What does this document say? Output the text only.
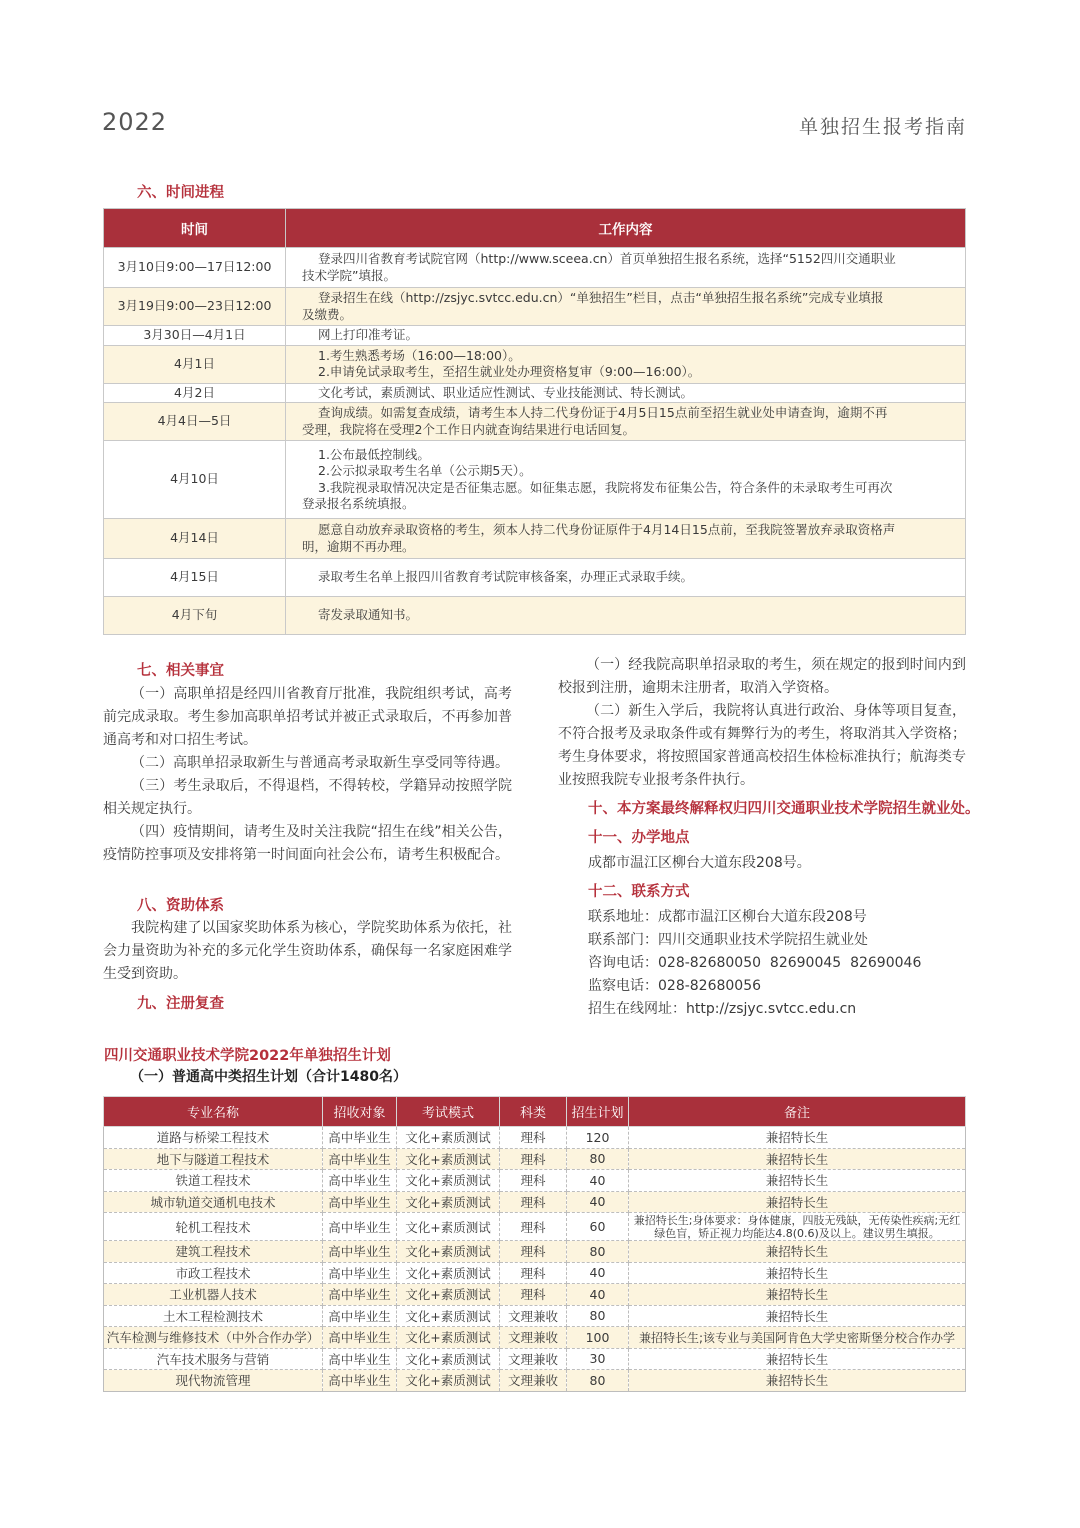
2022	单独招生报考指南
六、时间进程
时间	工作内容
3月10日9:00—17日12:00	登录四川省教育考试院官网（http://www.sceea.cn）首页单独招生报名系统，选择“5152四川交通职业
技术学院”填报。

3月19日9:00—23日12:00	登录招生在线（http://zsjyc.svtcc.edu.cn）“单独招生”栏目，点击“单独招生报名系统”完成专业填报
及缴费。

3月30日—4月1日	网上打印准考证。

4月1日	1.考生熟悉考场（16:00—18:00）。
2.申请免试录取考生，至招生就业处办理资格复审（9:00—16:00）。

4月2日	文化考试，素质测试、职业适应性测试、专业技能测试、特长测试。

4月4日—5日	查询成绩。如需复查成绩，请考生本人持二代身份证于4月5日15点前至招生就业处申请查询，逾期不再
受理，我院将在受理2个工作日内就查询结果进行电话回复。

4月10日	1.公布最低控制线。
2.公示拟录取考生名单（公示期5天）。
3.我院视录取情况决定是否征集志愿。如征集志愿，我院将发布征集公告，符合条件的未录取考生可再次
登录报名系统填报。

4月14日	愿意自动放弃录取资格的考生，须本人持二代身份证原件于4月14日15点前，至我院签署放弃录取资格声
明，逾期不再办理。

4月15日	录取考生名单上报四川省教育考试院审核备案，办理正式录取手续。

4月下旬	寄发录取通知书。
七、相关事宜

（一）高职单招是经四川省教育厅批准，我院组织考试，高考前完成录取。考生参加高职单招考试并被正式录取后，不再参加普通高考和对口招生考试。

（二）高职单招录取新生与普通高考录取新生享受同等待遇。

（三）考生录取后，不得退档，不得转校，学籍异动按照学院相关规定执行。

（四）疫情期间，请考生及时关注我院“招生在线”相关公告，疫情防控事项及安排将第一时间面向社会公布，请考生积极配合。

八、资助体系

我院构建了以国家奖助体系为核心，学院奖助体系为依托，社会力量资助为补充的多元化学生资助体系，确保每一名家庭困难学生受到资助。

九、注册复查

（一）经我院高职单招录取的考生，须在规定的报到时间内到校报到注册，逾期未注册者，取消入学资格。

（二）新生入学后，我院将认真进行政治、身体等项目复查，不符合报考及录取条件或有舞弊行为的考生，将取消其入学资格；考生身体要求，将按照国家普通高校招生体检标准执行；航海类专业按照我院专业报考条件执行。

十、本方案最终解释权归四川交通职业技术学院招生就业处。
十一、办学地点
成都市温江区柳台大道东段208号。
十二、联系方式
联系地址：成都市温江区柳台大道东段208号
联系部门：四川交通职业技术学院招生就业处
咨询电话：028-82680050  82690045  82690046
监察电话：028-82680056
招生在线网址：http://zsjyc.svtcc.edu.cn
四川交通职业技术学院2022年单独招生计划
（一）普通高中类招生计划（合计1480名）
专业名称	招收对象	考试模式	科类	招生计划	备注
道路与桥梁工程技术	高中毕业生	文化+素质测试	理科	120	兼招特长生
地下与隧道工程技术	高中毕业生	文化+素质测试	理科	80	兼招特长生
铁道工程技术	高中毕业生	文化+素质测试	理科	40	兼招特长生
城市轨道交通机电技术	高中毕业生	文化+素质测试	理科	40	兼招特长生
轮机工程技术	高中毕业生	文化+素质测试	理科	60	兼招特长生;身体要求：身体健康，四肢无残缺，无传染性疾病;无红绿色盲，矫正视力均能达4.8(0.6)及以上。建议男生填报。
建筑工程技术	高中毕业生	文化+素质测试	理科	80	兼招特长生
市政工程技术	高中毕业生	文化+素质测试	理科	40	兼招特长生
工业机器人技术	高中毕业生	文化+素质测试	理科	40	兼招特长生
土木工程检测技术	高中毕业生	文化+素质测试	文理兼收	80	兼招特长生
汽车检测与维修技术（中外合作办学）	高中毕业生	文化+素质测试	文理兼收	100	兼招特长生;该专业与美国阿肯色大学史密斯堡分校合作办学
汽车技术服务与营销	高中毕业生	文化+素质测试	文理兼收	30	兼招特长生
现代物流管理	高中毕业生	文化+素质测试	文理兼收	80	兼招特长生
